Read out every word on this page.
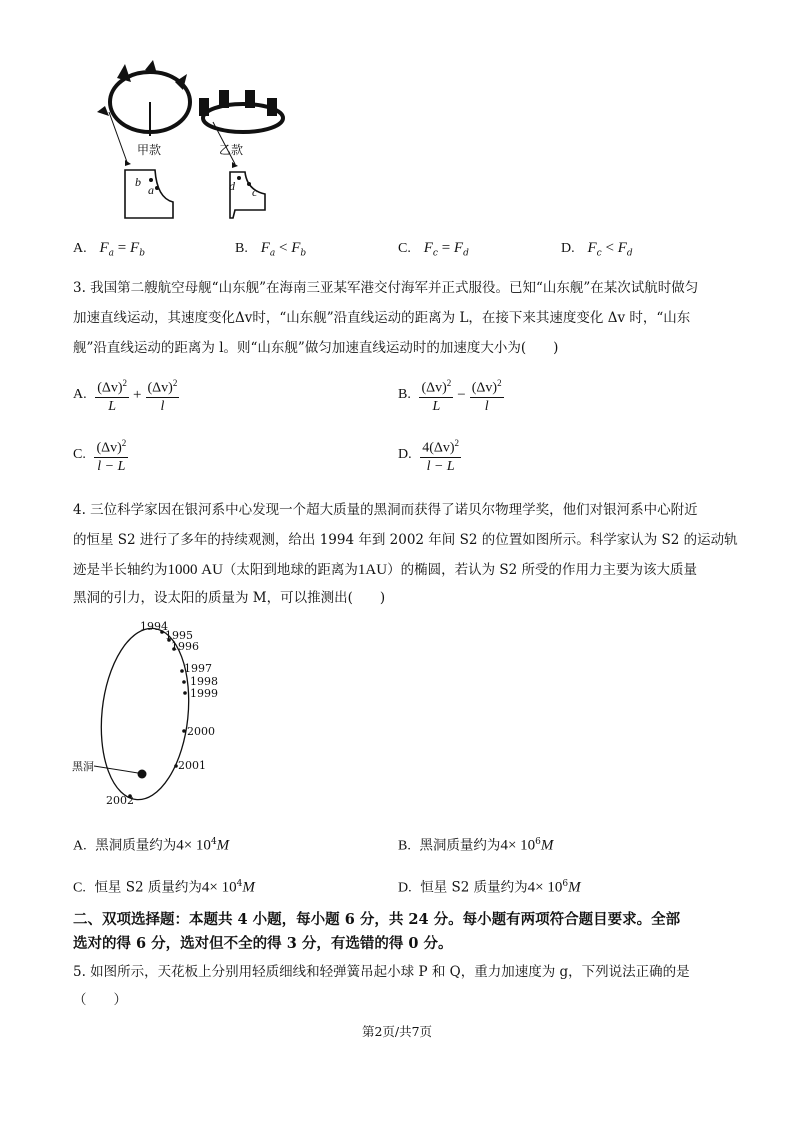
甲款
b
a
乙款
d c
A. $F_a = F_b$	B. $F_a < F_b$	C. $F_c = F_d$	D. $F_c < F_d$
3. 我国第二艘航空母舰“山东舰”在海南三亚某军港交付海军并正式服役。已知“山东舰”在某次试航时做匀
加速直线运动，其速度变化Δv时，“山东舰”沿直线运动的距离为 L，在接下来其速度变化 Δv 时，“山东
舰”沿直线运动的距离为 l。则“山东舰”做匀加速直线运动时的加速度大小为(　　)
A.
$\frac{(\Delta v)^2}{L} + \frac{(\Delta v)^2}{l}$	B.
$\frac{(\Delta v)^2}{L} - \frac{(\Delta v)^2}{l}$
C.
$\frac{(\Delta v)^2}{l - L}$	D.
$\frac{4(\Delta v)^2}{l - L}$
4. 三位科学家因在银河系中心发现一个超大质量的黑洞而获得了诺贝尔物理学奖，他们对银河系中心附近
的恒星 S2 进行了多年的持续观测，给出 1994 年到 2002 年间 S2 的位置如图所示。科学家认为 S2 的运动轨
迹是半长轴约为1000 AU（太阳到地球的距离为1AU）的椭圆，若认为 S2 所受的作用力主要为该大质量
黑洞的引力，设太阳的质量为 M，可以推测出(　　)
1994
1995
1996
1997
1998
1999
2000
2001
2002
黑洞
A. 黑洞质量约为$4\times 10^4M$	B. 黑洞质量约为$4\times 10^6M$
C. 恒星 S2 质量约为$4\times 10^4M$	D. 恒星 S2 质量约为$4\times 10^6M$
二、双项选择题：本题共 4 小题，每小题 6 分，共 24 分。每小题有两项符合题目要求。全部
选对的得 6 分，选对但不全的得 3 分，有选错的得 0 分。
5. 如图所示，天花板上分别用轻质细线和轻弹簧吊起小球 P 和 Q，重力加速度为 g，下列说法正确的是
（　　）
第2页/共7页
